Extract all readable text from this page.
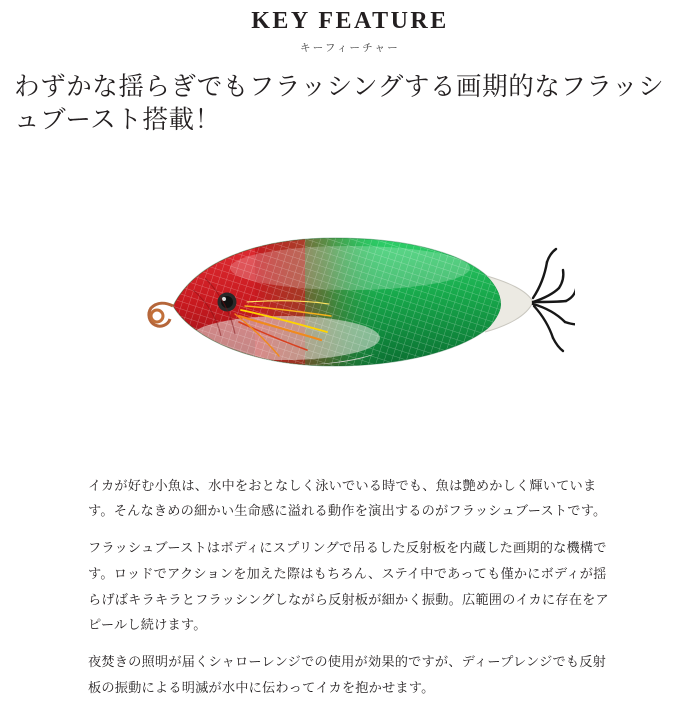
KEY FEATURE
キーフィーチャー
わずかな揺らぎでもフラッシングする画期的なフラッシュブースト搭載！

イカが好む小魚は、水中をおとなしく泳いでいる時でも、魚は艶めかしく輝いています。そんなきめの細かい生命感に溢れる動作を演出するのがフラッシュブーストです。

フラッシュブーストはボディにスプリングで吊るした反射板を内蔵した画期的な機構です。ロッドでアクションを加えた際はもちろん、ステイ中であっても僅かにボディが揺らげばキラキラとフラッシングしながら反射板が細かく振動。広範囲のイカに存在をアピールし続けます。

夜焚きの照明が届くシャローレンジでの使用が効果的ですが、ディープレンジでも反射板の振動による明滅が水中に伝わってイカを抱かせます。
